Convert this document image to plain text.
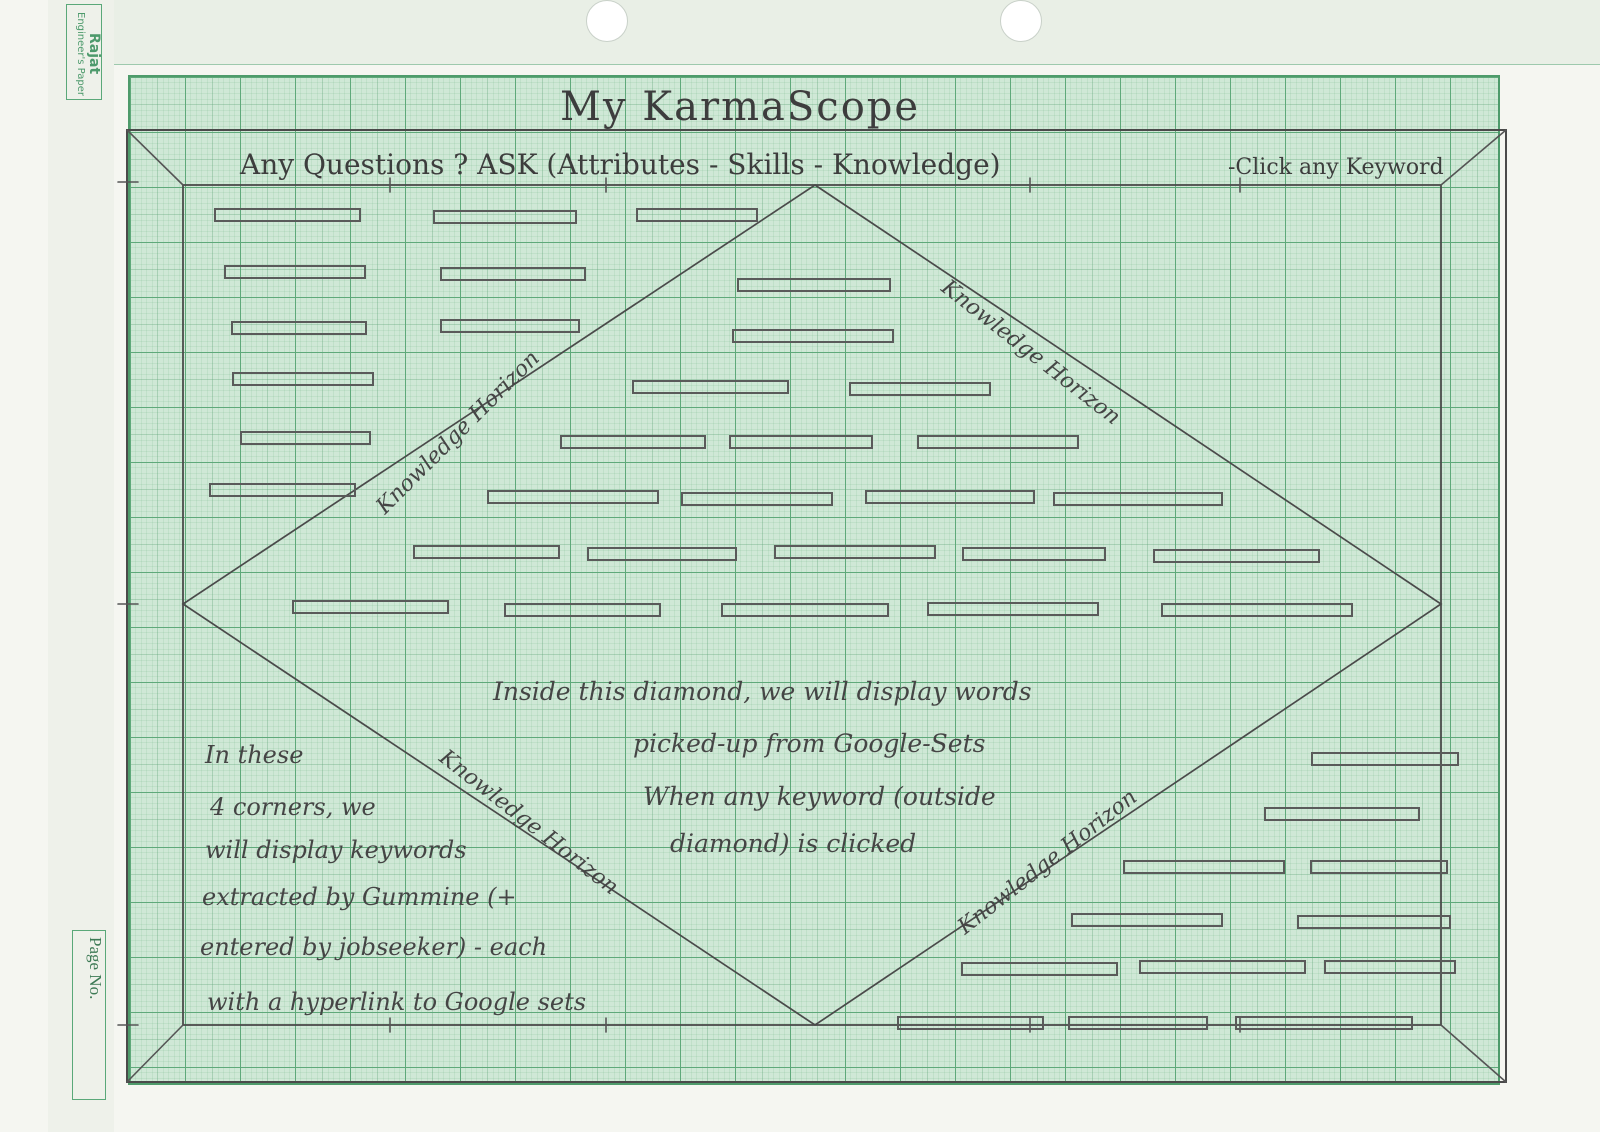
Rajat
Engineer's Paper
Page No.
My KarmaScope
Any Questions ? ASK (Attributes - Skills - Knowledge)	-Click any Keyword
Knowledge Horizon	Knowledge Horizon
Knowledge Horizon	Knowledge Horizon
Inside this diamond, we will display words
picked-up from Google-Sets
When any keyword (outside
diamond) is clicked
In these
4 corners, we
will display keywords
extracted by Gummine (+
entered by jobseeker) - each
with a hyperlink to Google sets
